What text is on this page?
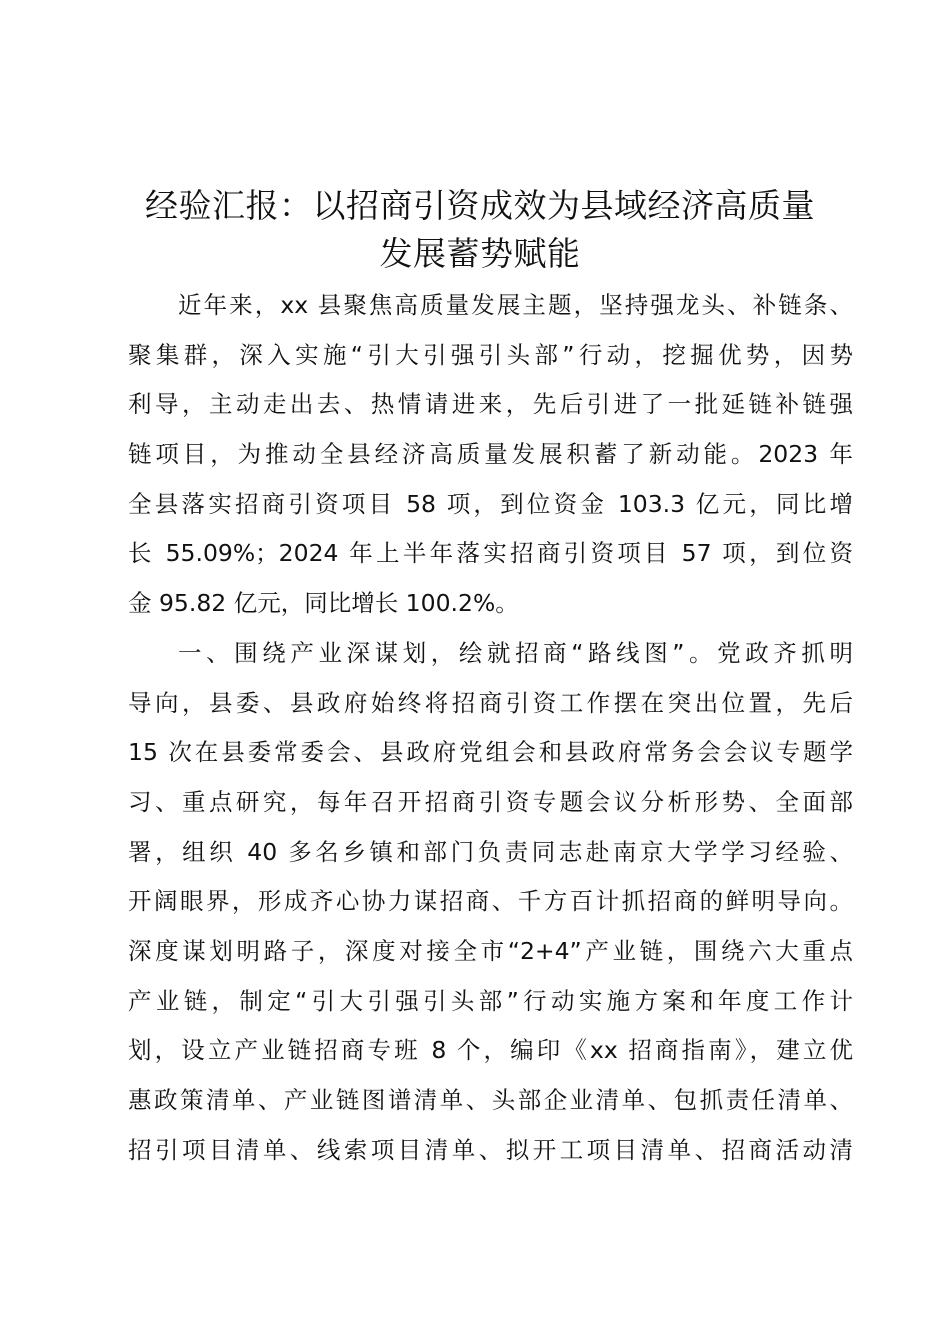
经验汇报：以招商引资成效为县域经济高质量
发展蓄势赋能
近年来，xx 县聚焦高质量发展主题，坚持强龙头、补链条、
聚集群，深入实施“引大引强引头部”行动，挖掘优势，因势
利导，主动走出去、热情请进来，先后引进了一批延链补链强
链项目，为推动全县经济高质量发展积蓄了新动能。2023 年
全县落实招商引资项目 58 项，到位资金 103.3 亿元，同比增
长 55.09%；2024 年上半年落实招商引资项目 57 项，到位资
金 95.82 亿元，同比增长 100.2%。
一、围绕产业深谋划，绘就招商“路线图”。党政齐抓明
导向，县委、县政府始终将招商引资工作摆在突出位置，先后
15 次在县委常委会、县政府党组会和县政府常务会会议专题学
习、重点研究，每年召开招商引资专题会议分析形势、全面部
署，组织 40 多名乡镇和部门负责同志赴南京大学学习经验、
开阔眼界，形成齐心协力谋招商、千方百计抓招商的鲜明导向。
深度谋划明路子，深度对接全市“2+4”产业链，围绕六大重点
产业链，制定“引大引强引头部”行动实施方案和年度工作计
划，设立产业链招商专班 8 个，编印《xx 招商指南》，建立优
惠政策清单、产业链图谱清单、头部企业清单、包抓责任清单、
招引项目清单、线索项目清单、拟开工项目清单、招商活动清
